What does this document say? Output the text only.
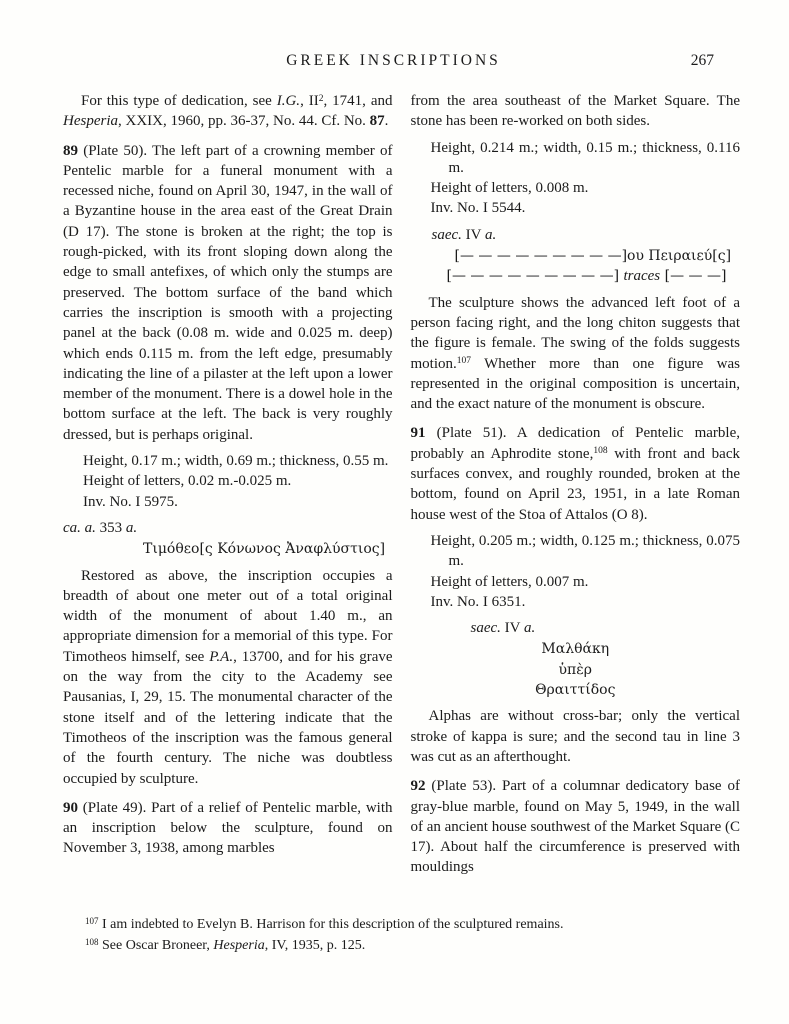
GREEK INSCRIPTIONS	267

For this type of dedication, see I.G., $II^2$, 1741, and Hesperia, XXIX, 1960, pp. 36-37, No. 44. Cf. No. 87.

89 (Plate 50). The left part of a crowning member of Pentelic marble for a funeral monument with a recessed niche, found on April 30, 1947, in the wall of a Byzantine house in the area east of the Great Drain (D 17). The stone is broken at the right; the top is rough-picked, with its front sloping down along the edge to small antefixes, of which only the stumps are preserved. The bottom surface of the band which carries the inscription is smooth with a projecting panel at the back (0.08 m. wide and 0.025 m. deep) which ends 0.115 m. from the left edge, presumably indicating the line of a pilaster at the left upon a lower member of the monument. There is a dowel hole in the bottom surface at the left. The back is very roughly dressed, but is perhaps original.

Height, 0.17 m.; width, 0.69 m.; thickness, 0.55 m.
Height of letters, 0.02 m.-0.025 m.
Inv. No. I 5975.

ca. a. 353 a.

Τιμόθεο[ς Κόνωνος Ἀναφλύστιος]

Restored as above, the inscription occupies a breadth of about one meter out of a total original width of the monument of about 1.40 m., an appropriate dimension for a memorial of this type. For Timotheos himself, see P.A., 13700, and for his grave on the way from the city to the Academy see Pausanias, I, 29, 15. The monumental character of the stone itself and of the lettering indicate that the Timotheos of the inscription was the famous general of the fourth century. The niche was doubtless occupied by sculpture.

90 (Plate 49). Part of a relief of Pentelic marble, with an inscription below the sculpture, found on November 3, 1938, among marbles

from the area southeast of the Market Square. The stone has been re-worked on both sides.

Height, 0.214 m.; width, 0.15 m.; thickness, 0.116 m.
Height of letters, 0.008 m.
Inv. No. I 5544.

saec. IV a.

[— — — — — — — — —]ου Πειραιεύ[ς]
[— — — — — — — — —] traces [— — —]

The sculpture shows the advanced left foot of a person facing right, and the long chiton suggests that the figure is female. The swing of the folds suggests motion.$^{107}$ Whether more than one figure was represented in the original composition is uncertain, and the exact nature of the monument is obscure.

91 (Plate 51). A dedication of Pentelic marble, probably an Aphrodite stone,$^{108}$ with front and back surfaces convex, and roughly rounded, broken at the bottom, found on April 23, 1951, in a late Roman house west of the Stoa of Attalos (O 8).

Height, 0.205 m.; width, 0.125 m.; thickness, 0.075 m.
Height of letters, 0.007 m.
Inv. No. I 6351.

saec. IV a.

Μαλθάκη
ὑπὲρ
Θραιττίδος

Alphas are without cross-bar; only the vertical stroke of kappa is sure; and the second tau in line 3 was cut as an afterthought.

92 (Plate 53). Part of a columnar dedicatory base of gray-blue marble, found on May 5, 1949, in the wall of an ancient house southwest of the Market Square (C 17). About half the circumference is preserved with mouldings

$^{107}$ I am indebted to Evelyn B. Harrison for this description of the sculptured remains.

$^{108}$ See Oscar Broneer, Hesperia, IV, 1935, p. 125.
